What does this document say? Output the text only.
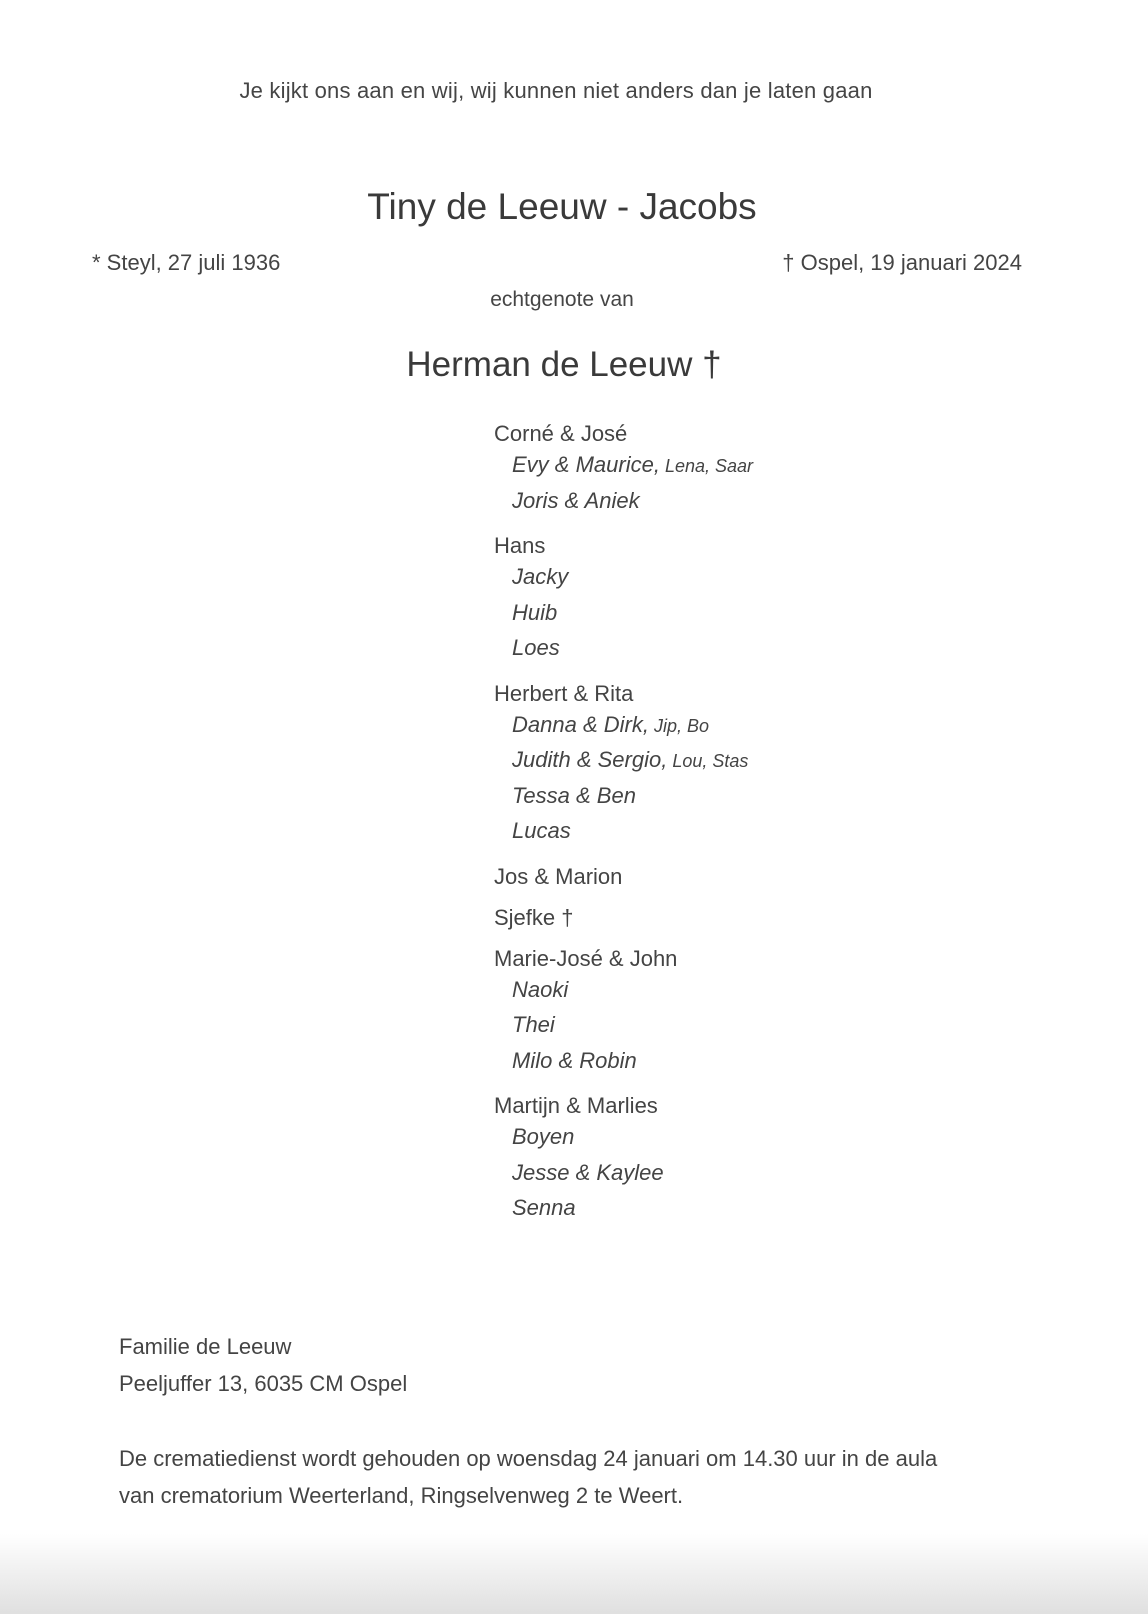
Je kijkt ons aan en wij, wij kunnen niet anders dan je laten gaan
Tiny de Leeuw - Jacobs
* Steyl, 27 juli 1936	† Ospel, 19 januari 2024
echtgenote van
Herman de Leeuw †
Corné & José
Evy & Maurice, Lena, Saar
Joris & Aniek
Hans
Jacky
Huib
Loes
Herbert & Rita
Danna & Dirk, Jip, Bo
Judith & Sergio, Lou, Stas
Tessa & Ben
Lucas
Jos & Marion
Sjefke †
Marie-José & John
Naoki
Thei
Milo & Robin
Martijn & Marlies
Boyen
Jesse & Kaylee
Senna
Familie de Leeuw
Peeljuffer 13, 6035 CM Ospel
De crematiedienst wordt gehouden op woensdag 24 januari om 14.30 uur in de aula
van crematorium Weerterland, Ringselvenweg 2 te Weert.
